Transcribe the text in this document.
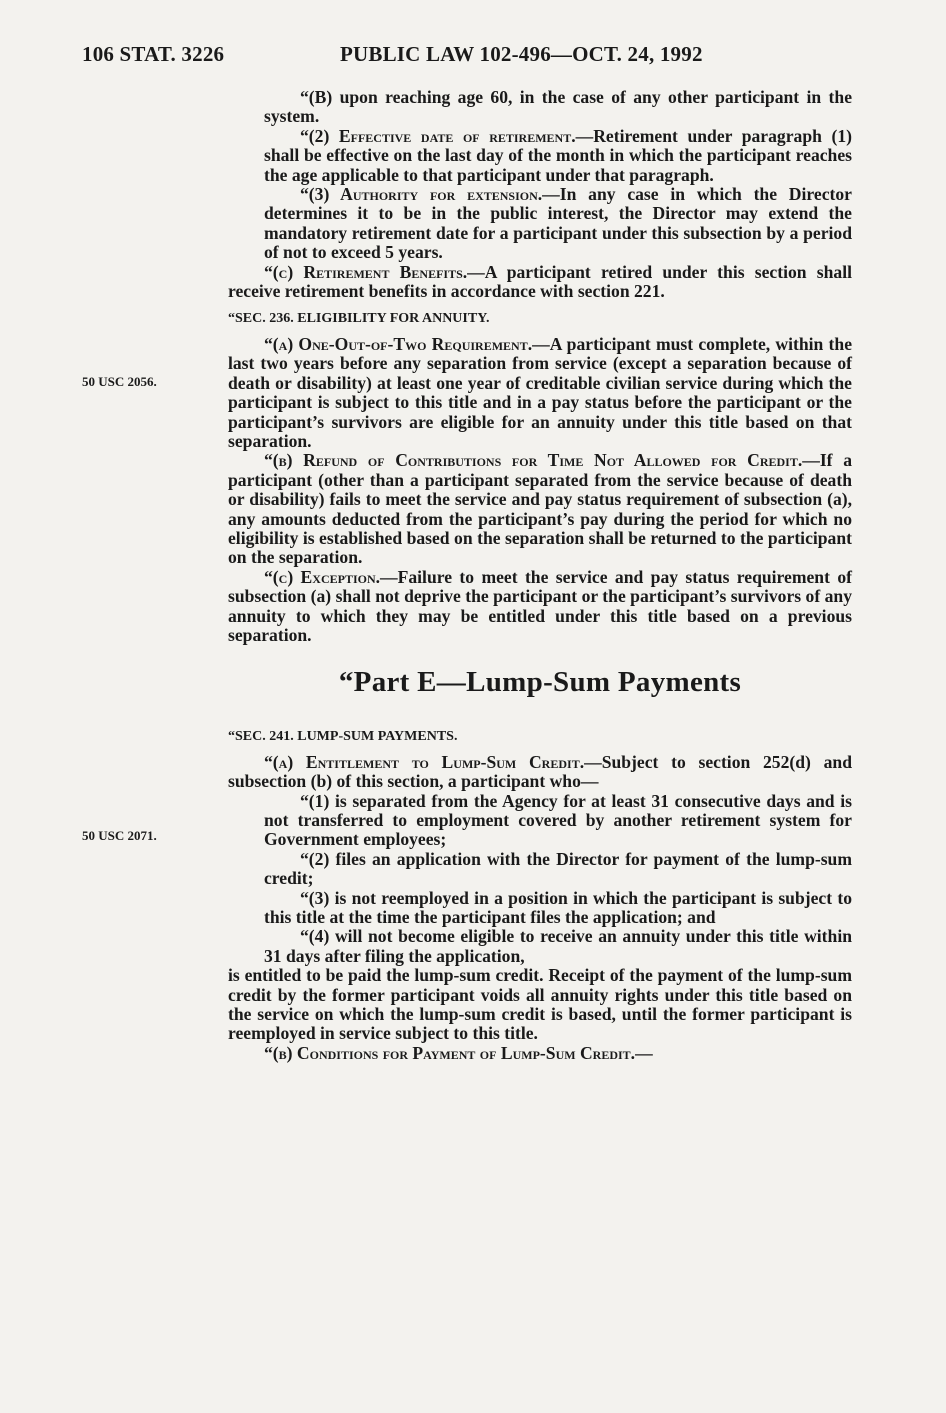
106 STAT. 3226	PUBLIC LAW 102-496—OCT. 24, 1992
50 USC 2056.
50 USC 2071.

“(B) upon reaching age 60, in the case of any other participant in the system.

“(2) Effective date of retirement.—Retirement under paragraph (1) shall be effective on the last day of the month in which the participant reaches the age applicable to that participant under that paragraph.

“(3) Authority for extension.—In any case in which the Director determines it to be in the public interest, the Director may extend the mandatory retirement date for a participant under this subsection by a period of not to exceed 5 years.

“(c) Retirement Benefits.—A participant retired under this section shall receive retirement benefits in accordance with section 221.

“SEC. 236. ELIGIBILITY FOR ANNUITY.

“(a) One-Out-of-Two Requirement.—A participant must complete, within the last two years before any separation from service (except a separation because of death or disability) at least one year of creditable civilian service during which the participant is subject to this title and in a pay status before the participant or the participant’s survivors are eligible for an annuity under this title based on that separation.

“(b) Refund of Contributions for Time Not Allowed for Credit.—If a participant (other than a participant separated from the service because of death or disability) fails to meet the service and pay status requirement of subsection (a), any amounts deducted from the participant’s pay during the period for which no eligibility is established based on the separation shall be returned to the participant on the separation.

“(c) Exception.—Failure to meet the service and pay status requirement of subsection (a) shall not deprive the participant or the participant’s survivors of any annuity to which they may be entitled under this title based on a previous separation.

“Part E—Lump-Sum Payments

“SEC. 241. LUMP-SUM PAYMENTS.

“(a) Entitlement to Lump-Sum Credit.—Subject to section 252(d) and subsection (b) of this section, a participant who—

“(1) is separated from the Agency for at least 31 consecutive days and is not transferred to employment covered by another retirement system for Government employees;

“(2) files an application with the Director for payment of the lump-sum credit;

“(3) is not reemployed in a position in which the participant is subject to this title at the time the participant files the application; and

“(4) will not become eligible to receive an annuity under this title within 31 days after filing the application,

is entitled to be paid the lump-sum credit. Receipt of the payment of the lump-sum credit by the former participant voids all annuity rights under this title based on the service on which the lump-sum credit is based, until the former participant is reemployed in service subject to this title.

“(b) Conditions for Payment of Lump-Sum Credit.—
